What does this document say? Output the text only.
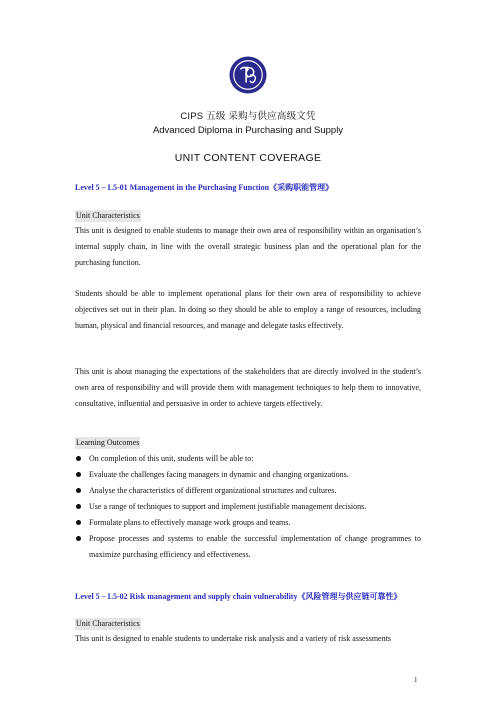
CIPS 五级 采购与供应高级文凭
Advanced Diploma in Purchasing and Supply
UNIT CONTENT COVERAGE
Level 5 – L5-01 Management in the Purchasing Function《采购职能管理》
Unit Characteristics
This unit is designed to enable students to manage their own area of responsibility within an organisation’s internal supply chain, in line with the overall strategic business plan and the operational plan for the purchasing function.
Students should be able to implement operational plans for their own area of responsibility to achieve objectives set out in their plan. In doing so they should be able to employ a range of resources, including human, physical and financial resources, and manage and delegate tasks effectively.
This unit is about managing the expectations of the stakeholders that are directly involved in the student’s own area of responsibility and will provide them with management techniques to help them to innovative, consultative, influential and persuasive in order to achieve targets effectively.
Learning Outcomes
On completion of this unit, students will be able to:
Evaluate the challenges facing managers in dynamic and changing organizations.
Analyse the characteristics of different organizational structures and cultures.
Use a range of techniques to support and implement justifiable management decisions.
Formulate plans to effectively manage work groups and teams.
Propose processes and systems to enable the successful implementation of change programmes to maximize purchasing efficiency and effectiveness.
Level 5 – L5-02 Risk management and supply chain vulnerability《风险管理与供应链可靠性》
Unit Characteristics
This unit is designed to enable students to undertake risk analysis and a variety of risk assessments
1
